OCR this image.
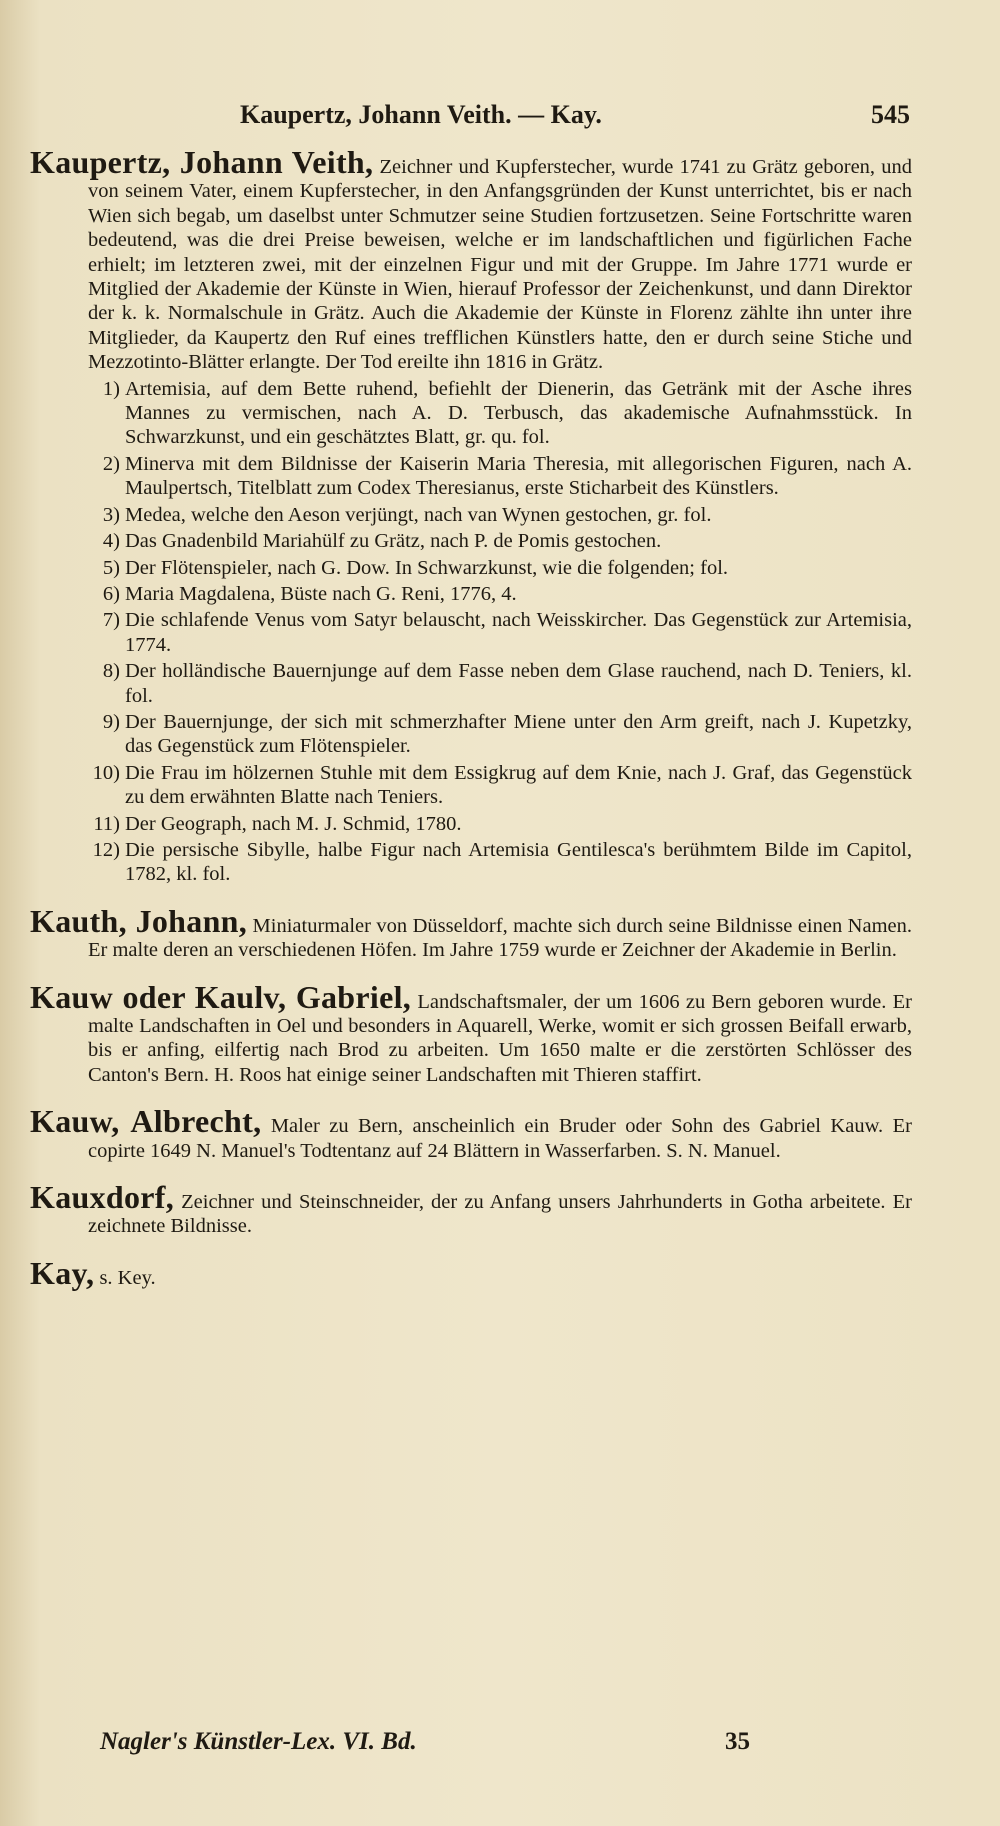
Kaupertz, Johann Veith. — Kay.	545

Kaupertz, Johann Veith, Zeichner und Kupferstecher, wurde 1741 zu Grätz geboren, und von seinem Vater, einem Kupferstecher, in den Anfangsgründen der Kunst unterrichtet, bis er nach Wien sich begab, um daselbst unter Schmutzer seine Studien fortzusetzen. Seine Fortschritte waren bedeutend, was die drei Preise beweisen, welche er im landschaftlichen und figürlichen Fache erhielt; im letzteren zwei, mit der einzelnen Figur und mit der Gruppe. Im Jahre 1771 wurde er Mitglied der Akademie der Künste in Wien, hierauf Professor der Zeichenkunst, und dann Direktor der k. k. Normalschule in Grätz. Auch die Akademie der Künste in Florenz zählte ihn unter ihre Mitglieder, da Kaupertz den Ruf eines trefflichen Künstlers hatte, den er durch seine Stiche und Mezzotinto-Blätter erlangte. Der Tod ereilte ihn 1816 in Grätz.

1) Artemisia, auf dem Bette ruhend, befiehlt der Dienerin, das Getränk mit der Asche ihres Mannes zu vermischen, nach A. D. Terbusch, das akademische Aufnahmsstück. In Schwarzkunst, und ein geschätztes Blatt, gr. qu. fol.
2) Minerva mit dem Bildnisse der Kaiserin Maria Theresia, mit allegorischen Figuren, nach A. Maulpertsch, Titelblatt zum Codex Theresianus, erste Sticharbeit des Künstlers.
3) Medea, welche den Aeson verjüngt, nach van Wynen gestochen, gr. fol.
4) Das Gnadenbild Mariahülf zu Grätz, nach P. de Pomis gestochen.
5) Der Flötenspieler, nach G. Dow. In Schwarzkunst, wie die folgenden; fol.
6) Maria Magdalena, Büste nach G. Reni, 1776, 4.
7) Die schlafende Venus vom Satyr belauscht, nach Weisskircher. Das Gegenstück zur Artemisia, 1774.
8) Der holländische Bauernjunge auf dem Fasse neben dem Glase rauchend, nach D. Teniers, kl. fol.
9) Der Bauernjunge, der sich mit schmerzhafter Miene unter den Arm greift, nach J. Kupetzky, das Gegenstück zum Flötenspieler.
10) Die Frau im hölzernen Stuhle mit dem Essigkrug auf dem Knie, nach J. Graf, das Gegenstück zu dem erwähnten Blatte nach Teniers.
11) Der Geograph, nach M. J. Schmid, 1780.
12) Die persische Sibylle, halbe Figur nach Artemisia Gentilesca's berühmtem Bilde im Capitol, 1782, kl. fol.

Kauth, Johann, Miniaturmaler von Düsseldorf, machte sich durch seine Bildnisse einen Namen. Er malte deren an verschiedenen Höfen. Im Jahre 1759 wurde er Zeichner der Akademie in Berlin.

Kauw oder Kaulv, Gabriel, Landschaftsmaler, der um 1606 zu Bern geboren wurde. Er malte Landschaften in Oel und besonders in Aquarell, Werke, womit er sich grossen Beifall erwarb, bis er anfing, eilfertig nach Brod zu arbeiten. Um 1650 malte er die zerstörten Schlösser des Canton's Bern. H. Roos hat einige seiner Landschaften mit Thieren staffirt.

Kauw, Albrecht, Maler zu Bern, anscheinlich ein Bruder oder Sohn des Gabriel Kauw. Er copirte 1649 N. Manuel's Todtentanz auf 24 Blättern in Wasserfarben. S. N. Manuel.

Kauxdorf, Zeichner und Steinschneider, der zu Anfang unsers Jahrhunderts in Gotha arbeitete. Er zeichnete Bildnisse.

Kay, s. Key.

Nagler's Künstler-Lex. VI. Bd.	35
